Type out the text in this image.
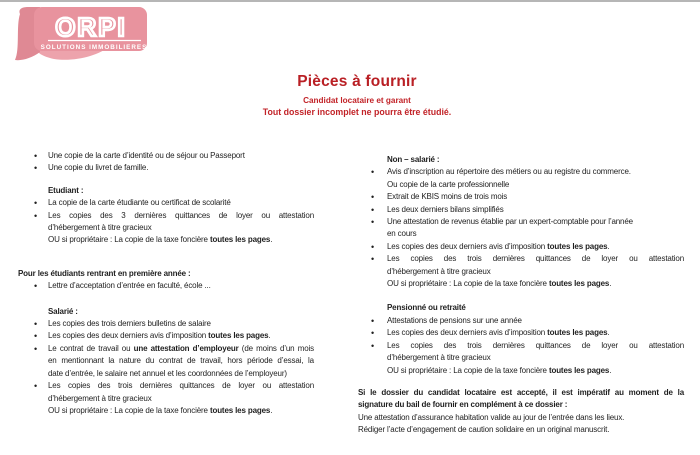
ORPI
SOLUTIONS IMMOBILIERES
Pièces à fournir
Candidat locataire et garant
Tout dossier incomplet ne pourra être étudié.
•	Une copie de la carte d’identité ou de séjour ou Passeport
•	Une copie du livret de famille.
Etudiant :
•	La copie de la carte étudiante ou certificat de scolarité
•	Les copies des 3 dernières quittances de loyer ou attestation
d’hébergement à titre gracieux
OU si propriétaire : La copie de la taxe foncière toutes les pages.
Pour les étudiants rentrant en première année :
•	Lettre d’acceptation d’entrée en faculté, école ...
Salarié :
•	Les copies des trois derniers bulletins de salaire
•	Les copies des deux derniers avis d’imposition toutes les pages.
•	Le contrat de travail ou une attestation d’employeur (de moins d’un mois
en mentionnant la nature du contrat de travail, hors période d’essai, la
date d’entrée, le salaire net annuel et les coordonnées de l’employeur)
•	Les copies des trois dernières quittances de loyer ou attestation
d’hébergement à titre gracieux
OU si propriétaire : La copie de la taxe foncière toutes les pages.
Non – salarié :
•	Avis d’inscription au répertoire des métiers ou au registre du commerce.
Ou copie de la carte professionnelle
•	Extrait de KBIS moins de trois mois
•	Les deux derniers bilans simplifiés
•	Une attestation de revenus établie par un expert-comptable pour l’année
en cours
•	Les copies des deux derniers avis d’imposition toutes les pages.
•	Les copies des trois dernières quittances de loyer ou attestation
d’hébergement à titre gracieux
OU si propriétaire : La copie de la taxe foncière toutes les pages.
Pensionné ou retraité
•	Attestations de pensions sur une année
•	Les copies des deux derniers avis d’imposition toutes les pages.
•	Les copies des trois dernières quittances de loyer ou attestation
d’hébergement à titre gracieux
OU si propriétaire : La copie de la taxe foncière toutes les pages.
Si le dossier du candidat locataire est accepté, il est impératif au moment de la
signature du bail de fournir en complément à ce dossier :
Une attestation d’assurance habitation valide au jour de l’entrée dans les lieux.
Rédiger l’acte d’engagement de caution solidaire en un original manuscrit.
